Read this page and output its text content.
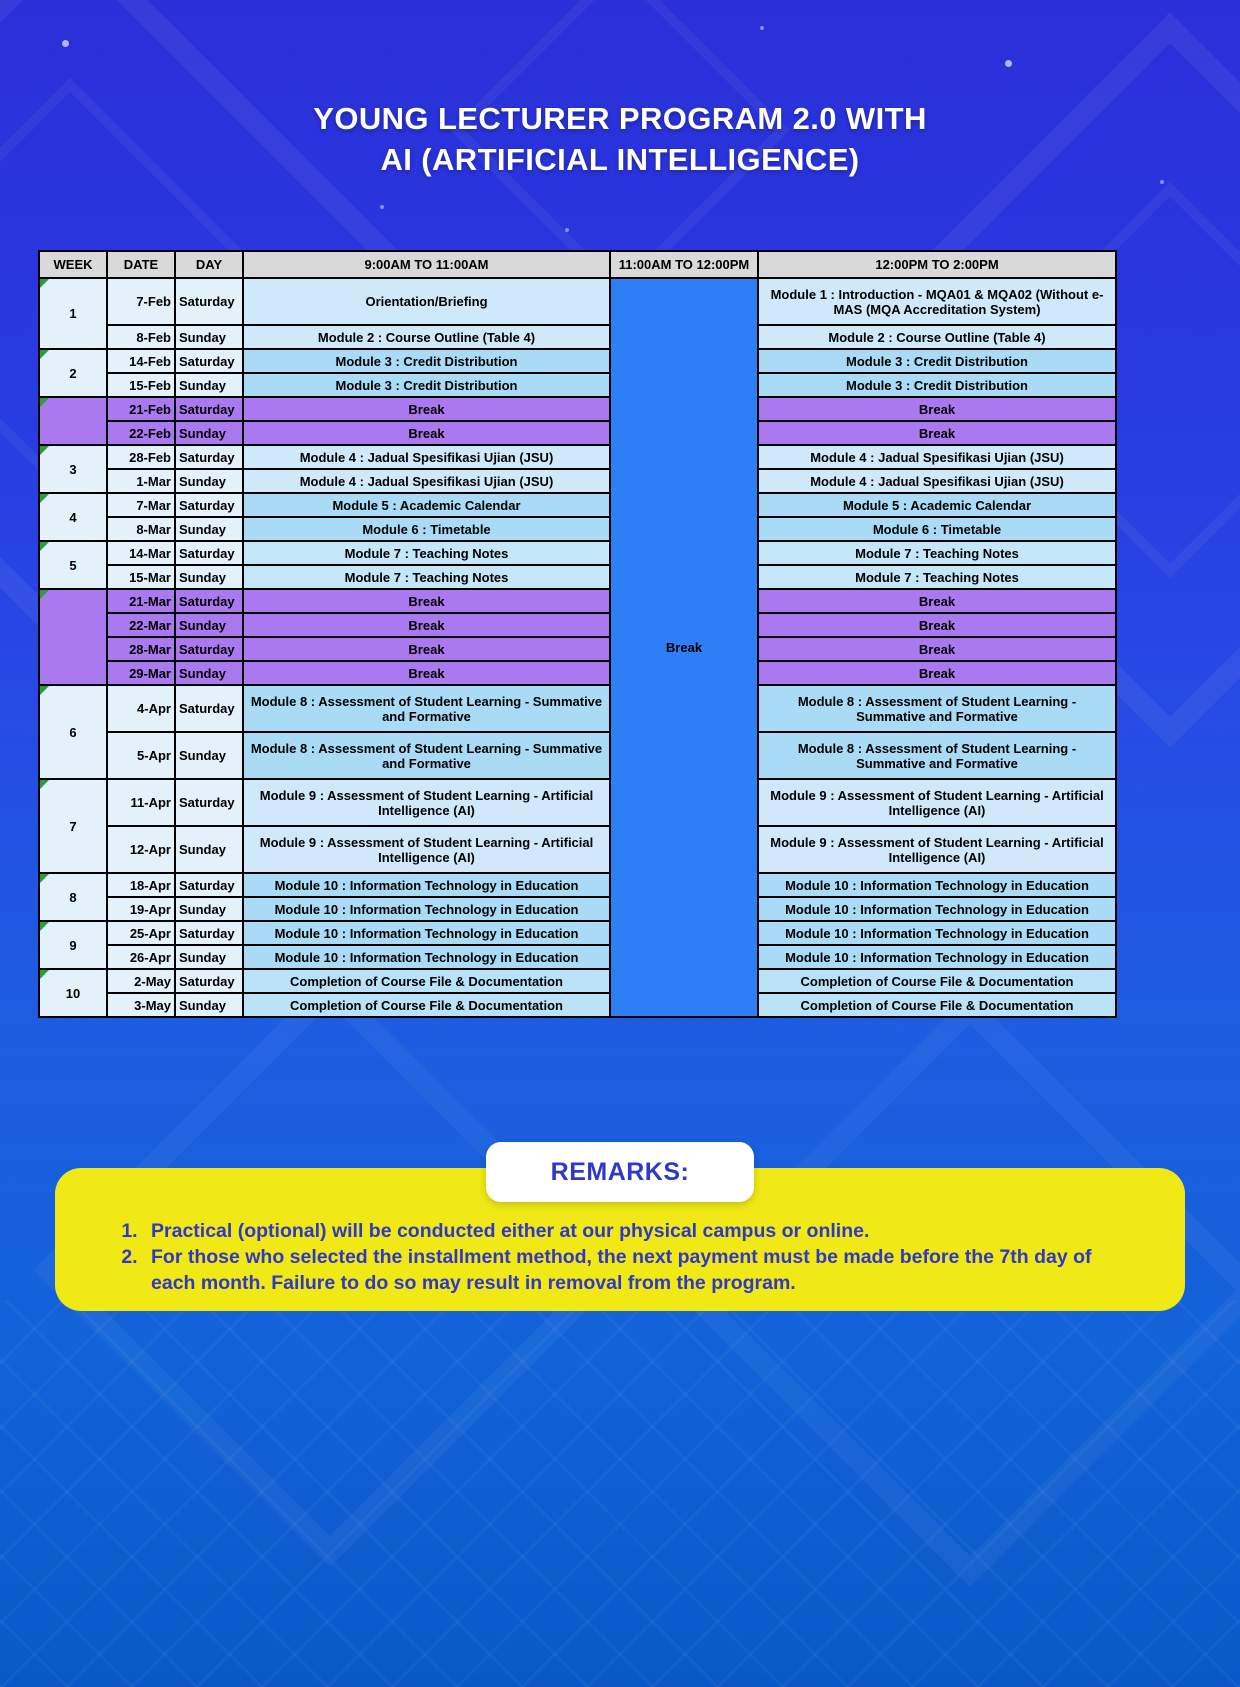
YOUNG LECTURER PROGRAM 2.0 WITH
AI (ARTIFICIAL INTELLIGENCE)
WEEK	DATE	DAY	9:00AM TO 11:00AM	11:00AM TO 12:00PM	12:00PM TO 2:00PM
1	7-Feb	Saturday	Orientation/Briefing	Break	Module 1 : Introduction - MQA01 & MQA02 (Without e-MAS (MQA Accreditation System)
	8-Feb	Sunday	Module 2 : Course Outline (Table 4)		Module 2 : Course Outline (Table 4)
2	14-Feb	Saturday	Module 3 : Credit Distribution		Module 3 : Credit Distribution
	15-Feb	Sunday	Module 3 : Credit Distribution		Module 3 : Credit Distribution
	21-Feb	Saturday	Break		Break
	22-Feb	Sunday	Break		Break
3	28-Feb	Saturday	Module 4 : Jadual Spesifikasi Ujian (JSU)		Module 4 : Jadual Spesifikasi Ujian (JSU)
	1-Mar	Sunday	Module 4 : Jadual Spesifikasi Ujian (JSU)		Module 4 : Jadual Spesifikasi Ujian (JSU)
4	7-Mar	Saturday	Module 5 : Academic Calendar		Module 5 : Academic Calendar
	8-Mar	Sunday	Module 6 : Timetable		Module 6 : Timetable
5	14-Mar	Saturday	Module 7 : Teaching Notes		Module 7 : Teaching Notes
	15-Mar	Sunday	Module 7 : Teaching Notes		Module 7 : Teaching Notes
	21-Mar	Saturday	Break		Break
	22-Mar	Sunday	Break		Break
	28-Mar	Saturday	Break		Break
	29-Mar	Sunday	Break		Break
6	4-Apr	Saturday	Module 8 : Assessment of Student Learning - Summative and Formative		Module 8 : Assessment of Student Learning - Summative and Formative
	5-Apr	Sunday	Module 8 : Assessment of Student Learning - Summative and Formative		Module 8 : Assessment of Student Learning - Summative and Formative
7	11-Apr	Saturday	Module 9 : Assessment of Student Learning - Artificial Intelligence (AI)		Module 9 : Assessment of Student Learning - Artificial Intelligence (AI)
	12-Apr	Sunday	Module 9 : Assessment of Student Learning - Artificial Intelligence (AI)		Module 9 : Assessment of Student Learning - Artificial Intelligence (AI)
8	18-Apr	Saturday	Module 10 : Information Technology in Education		Module 10 : Information Technology in Education
	19-Apr	Sunday	Module 10 : Information Technology in Education		Module 10 : Information Technology in Education
9	25-Apr	Saturday	Module 10 : Information Technology in Education		Module 10 : Information Technology in Education
	26-Apr	Sunday	Module 10 : Information Technology in Education		Module 10 : Information Technology in Education
10	2-May	Saturday	Completion of Course File & Documentation		Completion of Course File & Documentation
	3-May	Sunday	Completion of Course File & Documentation		Completion of Course File & Documentation
REMARKS:
1. Practical (optional) will be conducted either at our physical campus or online.
2. For those who selected the installment method, the next payment must be made before the 7th day of each month. Failure to do so may result in removal from the program.
